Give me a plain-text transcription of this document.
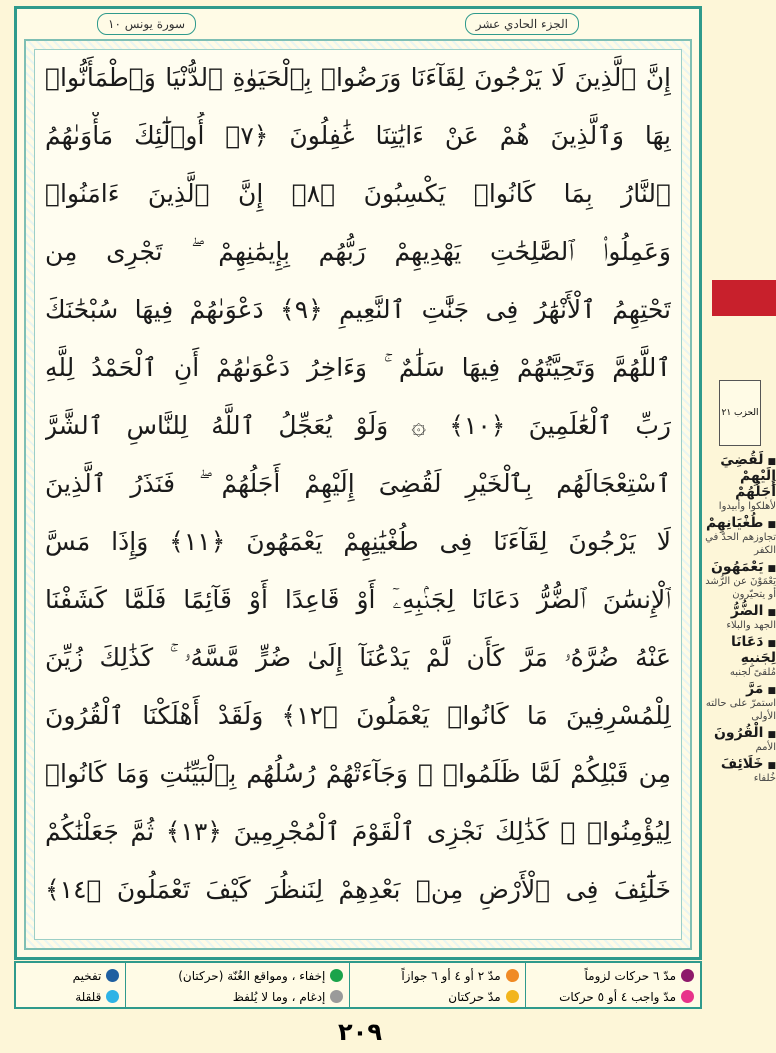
سورة يونس ١٠	الجزء الحادي عشر
إِنَّ ٱلَّذِينَ لَا يَرْجُونَ لِقَآءَنَا وَرَضُوا۟ بِٱلْحَيَوٰةِ ٱلدُّنْيَا وَٱطْمَأَنُّوا۟
بِهَا وَٱلَّذِينَ هُمْ عَنْ ءَايَٰتِنَا غَٰفِلُونَ ﴿٧﴾ أُو۟لَٰٓئِكَ مَأْوَىٰهُمُ
ٱلنَّارُ بِمَا كَانُوا۟ يَكْسِبُونَ ﴿٨﴾ إِنَّ ٱلَّذِينَ ءَامَنُوا۟
وَعَمِلُوا۟ ٱلصَّٰلِحَٰتِ يَهْدِيهِمْ رَبُّهُم بِإِيمَٰنِهِمْ ۖ تَجْرِى مِن
تَحْتِهِمُ ٱلْأَنْهَٰرُ فِى جَنَّٰتِ ٱلنَّعِيمِ ﴿٩﴾ دَعْوَىٰهُمْ فِيهَا سُبْحَٰنَكَ
ٱللَّهُمَّ وَتَحِيَّتُهُمْ فِيهَا سَلَٰمٌ ۚ وَءَاخِرُ دَعْوَىٰهُمْ أَنِ ٱلْحَمْدُ لِلَّهِ
رَبِّ ٱلْعَٰلَمِينَ ﴿١٠﴾ ۞ وَلَوْ يُعَجِّلُ ٱللَّهُ لِلنَّاسِ ٱلشَّرَّ
ٱسْتِعْجَالَهُم بِٱلْخَيْرِ لَقُضِىَ إِلَيْهِمْ أَجَلُهُمْ ۖ فَنَذَرُ ٱلَّذِينَ
لَا يَرْجُونَ لِقَآءَنَا فِى طُغْيَٰنِهِمْ يَعْمَهُونَ ﴿١١﴾ وَإِذَا مَسَّ
ٱلْإِنسَٰنَ ٱلضُّرُّ دَعَانَا لِجَنۢبِهِۦٓ أَوْ قَاعِدًا أَوْ قَآئِمًا فَلَمَّا كَشَفْنَا
عَنْهُ ضُرَّهُۥ مَرَّ كَأَن لَّمْ يَدْعُنَآ إِلَىٰ ضُرٍّ مَّسَّهُۥ ۚ كَذَٰلِكَ زُيِّنَ
لِلْمُسْرِفِينَ مَا كَانُوا۟ يَعْمَلُونَ ﴿١٢﴾ وَلَقَدْ أَهْلَكْنَا ٱلْقُرُونَ
مِن قَبْلِكُمْ لَمَّا ظَلَمُوا۟ ۙ وَجَآءَتْهُمْ رُسُلُهُم بِٱلْبَيِّنَٰتِ وَمَا كَانُوا۟
لِيُؤْمِنُوا۟ ۚ كَذَٰلِكَ نَجْزِى ٱلْقَوْمَ ٱلْمُجْرِمِينَ ﴿١٣﴾ ثُمَّ جَعَلْنَٰكُمْ
خَلَٰٓئِفَ فِى ٱلْأَرْضِ مِنۢ بَعْدِهِمْ لِنَنظُرَ كَيْفَ تَعْمَلُونَ ﴿١٤﴾
مدّ ٦ حركات لزوماً
مدّ واجب ٤ أو ٥ حركات
مدّ ٢ أو ٤ أو ٦ جوازاً
مدّ حركتان
إخفاء ، ومواقع الغُنّة (حركتان)
إدغام ، وما لا يُلفظ
تفخيم
قلقلة
٢٠٩
الحزب ٢١
■ لَقُضِيَ إِلَيْهِمْ أَجَلُهُمْ
لأهلكوا وأبيدوا
■ طُغْيَانِهِمْ
تجاوزهم الحدّ في الكفر
■ يَعْمَهُونَ
يَعْمَوْنَ عن الرُّشد أو يتحيّرون
■ الضُّرُّ
الجهد والبلاء
■ دَعَانَا لِجَنبِهِ
مُلقىً لجنبه
■ مَرَّ
استمرّ على حالته الأولى
■ الْقُرُونَ
الأمم
■ خَلَائِفَ
خُلفاء
